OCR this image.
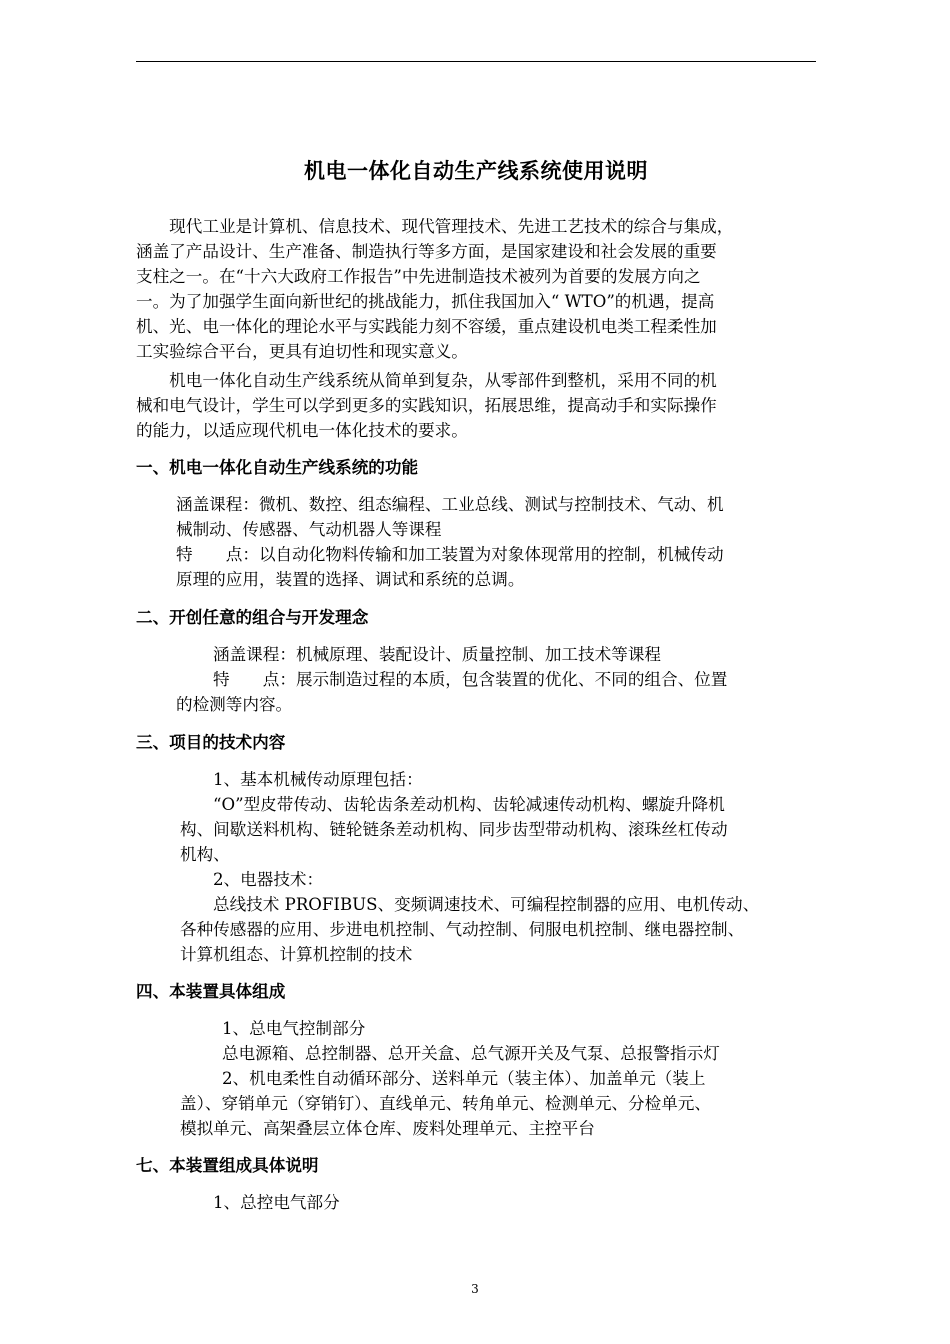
机电一体化自动生产线系统使用说明
　　现代工业是计算机、信息技术、现代管理技术、先进工艺技术的综合与集成，
涵盖了产品设计、生产准备、制造执行等多方面，是国家建设和社会发展的重要
支柱之一。在“十六大政府工作报告”中先进制造技术被列为首要的发展方向之
一。为了加强学生面向新世纪的挑战能力，抓住我国加入“ WTO”的机遇，提高
机、光、电一体化的理论水平与实践能力刻不容缓，重点建设机电类工程柔性加
工实验综合平台，更具有迫切性和现实意义。
　　机电一体化自动生产线系统从简单到复杂，从零部件到整机，采用不同的机
械和电气设计，学生可以学到更多的实践知识，拓展思维，提高动手和实际操作
的能力，以适应现代机电一体化技术的要求。
一、机电一体化自动生产线系统的功能
涵盖课程：微机、数控、组态编程、工业总线、测试与控制技术、气动、机
械制动、传感器、气动机器人等课程
特　　点：以自动化物料传输和加工装置为对象体现常用的控制，机械传动
原理的应用，装置的选择、调试和系统的总调。
二、开创任意的组合与开发理念
涵盖课程：机械原理、装配设计、质量控制、加工技术等课程
特　　点：展示制造过程的本质，包含装置的优化、不同的组合、位置
的检测等内容。
三、项目的技术内容
1、基本机械传动原理包括：
“O”型皮带传动、齿轮齿条差动机构、齿轮减速传动机构、螺旋升降机
构、间歇送料机构、链轮链条差动机构、同步齿型带动机构、滚珠丝杠传动
机构、
2、电器技术：
总线技术 PROFIBUS、变频调速技术、可编程控制器的应用、电机传动、
各种传感器的应用、步进电机控制、气动控制、伺服电机控制、继电器控制、
计算机组态、计算机控制的技术
四、本装置具体组成
1、总电气控制部分
总电源箱、总控制器、总开关盒、总气源开关及气泵、总报警指示灯
2、机电柔性自动循环部分、送料单元（装主体）、加盖单元（装上
盖）、穿销单元（穿销钉）、直线单元、转角单元、检测单元、分检单元、
模拟单元、高架叠层立体仓库、废料处理单元、主控平台
七、本装置组成具体说明
1、总控电气部分
3
